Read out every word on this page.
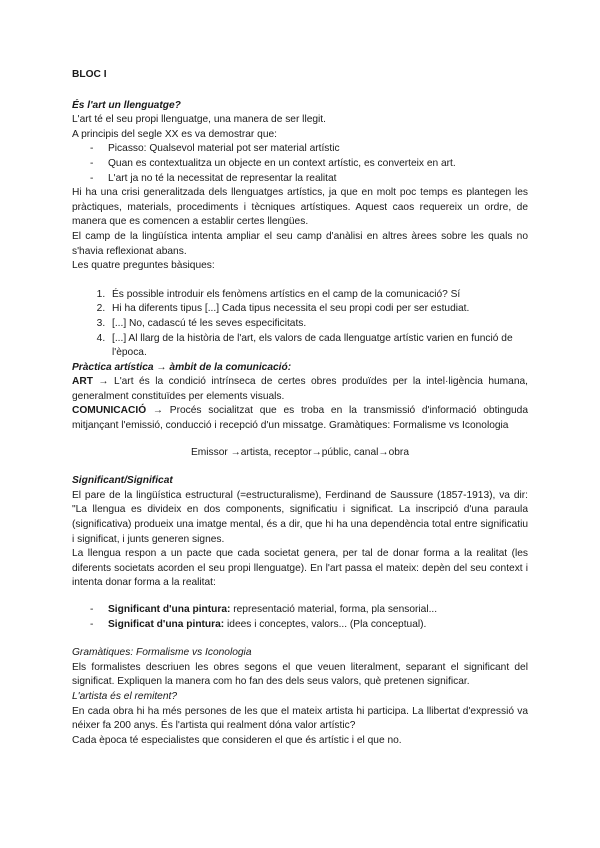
BLOC I

És l'art un llenguatge?

L'art té el seu propi llenguatge, una manera de ser llegit.

A principis del segle XX es va demostrar que:

- Picasso: Qualsevol material pot ser material artístic
- Quan es contextualitza un objecte en un context artístic, es converteix en art.
- L'art ja no té la necessitat de representar la realitat

Hi ha una crisi generalitzada dels llenguatges artístics, ja que en molt poc temps es plantegen les pràctiques, materials, procediments i tècniques artístiques. Aquest caos requereix un ordre, de manera que es comencen a establir certes llengües.

El camp de la lingüística intenta ampliar el seu camp d'anàlisi en altres àrees sobre les quals no s'havia reflexionat abans.

Les quatre preguntes bàsiques:

1. És possible introduir els fenòmens artístics en el camp de la comunicació? Sí
2. Hi ha diferents tipus [...] Cada tipus necessita el seu propi codi per ser estudiat.
3. [...] No, cadascú té les seves especificitats.
4. [...] Al llarg de la història de l'art, els valors de cada llenguatge artístic varien en funció de l'època.

Pràctica artística → àmbit de la comunicació:

ART → L'art és la condició intrínseca de certes obres produïdes per la intel·ligència humana, generalment constituïdes per elements visuals.

COMUNICACIÓ → Procés socialitzat que es troba en la transmissió d'informació obtinguda mitjançant l'emissió, conducció i recepció d'un missatge. Gramàtiques: Formalisme vs Iconologia

Emissor →artista, receptor→públic, canal→obra

Significant/Significat

El pare de la lingüística estructural (=estructuralisme), Ferdinand de Saussure (1857-1913), va dir: "La llengua es divideix en dos components, significatiu i significat. La inscripció d'una paraula (significativa) produeix una imatge mental, és a dir, que hi ha una dependència total entre significatiu i significat, i junts generen signes.

La llengua respon a un pacte que cada societat genera, per tal de donar forma a la realitat (les diferents societats acorden el seu propi llenguatge). En l'art passa el mateix: depèn del seu context i intenta donar forma a la realitat:

- Significant d'una pintura: representació material, forma, pla sensorial...
- Significat d'una pintura: idees i conceptes, valors... (Pla conceptual).

Gramàtiques: Formalisme vs Iconologia

Els formalistes descriuen les obres segons el que veuen literalment, separant el significant del significat. Expliquen la manera com ho fan des dels seus valors, què pretenen significar.

L'artista és el remitent?

En cada obra hi ha més persones de les que el mateix artista hi participa. La llibertat d'expressió va néixer fa 200 anys. És l'artista qui realment dóna valor artístic?

Cada època té especialistes que consideren el que és artístic i el que no.
